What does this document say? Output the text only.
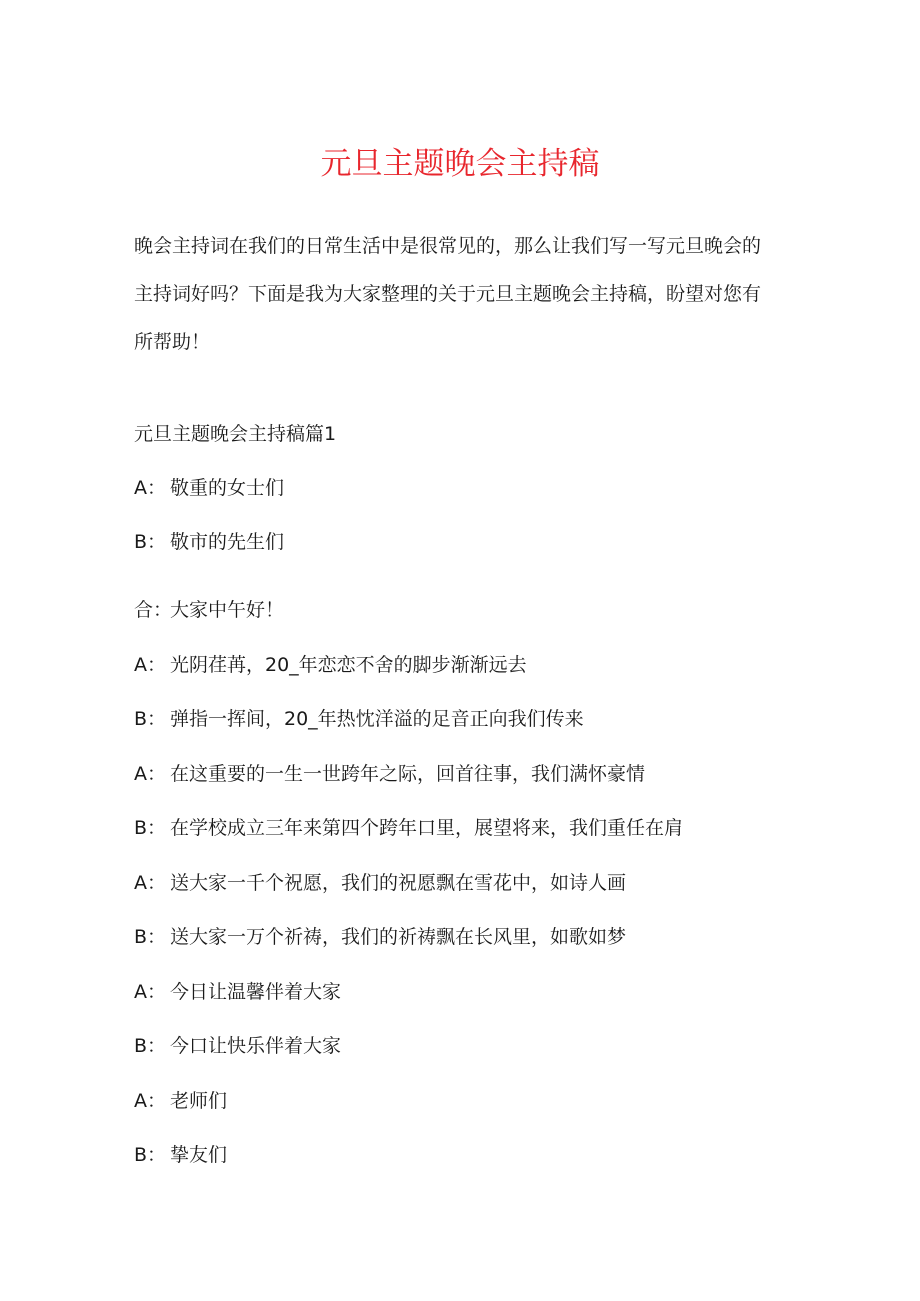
元旦主题晚会主持稿
晚会主持词在我们的日常生活中是很常见的，那么让我们写一写元旦晚会的
主持词好吗？下面是我为大家整理的关于元旦主题晚会主持稿，盼望对您有
所帮助！
元旦主题晚会主持稿篇1
A： 敬重的女士们
B： 敬市的先生们
合：大家中午好！
A： 光阴荏苒，20_年恋恋不舍的脚步渐渐远去
B： 弹指一挥间，20_年热忱洋溢的足音正向我们传来
A： 在这重要的一生一世跨年之际，回首往事，我们满怀豪情
B： 在学校成立三年来第四个跨年口里，展望将来，我们重任在肩
A： 送大家一千个祝愿，我们的祝愿飘在雪花中，如诗人画
B： 送大家一万个祈祷，我们的祈祷飘在长风里，如歌如梦
A： 今日让温馨伴着大家
B： 今口让快乐伴着大家
A： 老师们
B： 挚友们
